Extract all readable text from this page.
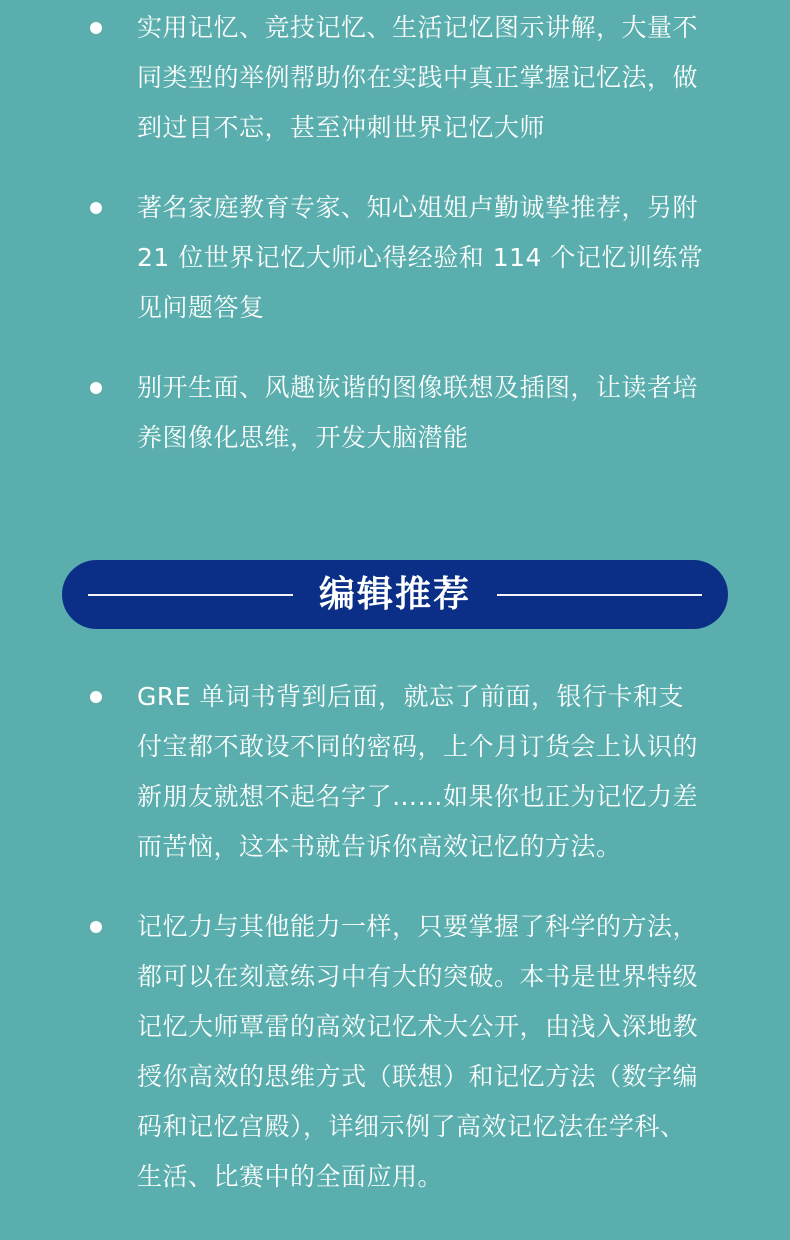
实用记忆、竞技记忆、生活记忆图示讲解，大量不同类型的举例帮助你在实践中真正掌握记忆法，做到过目不忘，甚至冲刺世界记忆大师
著名家庭教育专家、知心姐姐卢勤诚挚推荐，另附 21 位世界记忆大师心得经验和 114 个记忆训练常见问题答复
别开生面、风趣诙谐的图像联想及插图，让读者培养图像化思维，开发大脑潜能
编辑推荐
GRE 单词书背到后面，就忘了前面，银行卡和支付宝都不敢设不同的密码，上个月订货会上认识的新朋友就想不起名字了……如果你也正为记忆力差而苦恼，这本书就告诉你高效记忆的方法。
记忆力与其他能力一样，只要掌握了科学的方法，都可以在刻意练习中有大的突破。本书是世界特级记忆大师覃雷的高效记忆术大公开，由浅入深地教授你高效的思维方式（联想）和记忆方法（数字编码和记忆宫殿），详细示例了高效记忆法在学科、生活、比赛中的全面应用。
